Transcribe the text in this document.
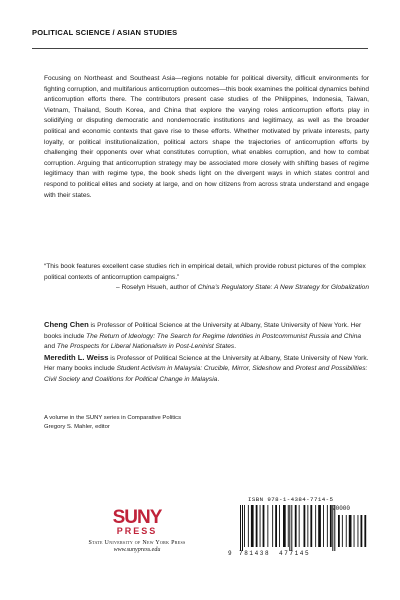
POLITICAL SCIENCE / ASIAN STUDIES

Focusing on Northeast and Southeast Asia—regions notable for political diversity, difficult environments for fighting corruption, and multifarious anticorruption outcomes—this book examines the political dynamics behind anticorruption efforts there. The contributors present case studies of the Philippines, Indonesia, Taiwan, Vietnam, Thailand, South Korea, and China that explore the varying roles anticorruption efforts play in solidifying or disputing democratic and nondemocratic institutions and legitimacy, as well as the broader political and economic contexts that gave rise to these efforts. Whether motivated by private interests, party loyalty, or political institutionalization, political actors shape the trajectories of anticorruption efforts by challenging their opponents over what constitutes corruption, what enables corruption, and how to combat corruption. Arguing that anticorruption strategy may be associated more closely with shifting bases of regime legitimacy than with regime type, the book sheds light on the divergent ways in which states control and respond to political elites and society at large, and on how citizens from across strata understand and engage with their states.

“This book features excellent case studies rich in empirical detail, which provide robust pictures of the complex political contexts of anticorruption campaigns.”
– Roselyn Hsueh, author of China’s Regulatory State: A New Strategy for Globalization

Cheng Chen is Professor of Political Science at the University at Albany, State University of New York. Her books include The Return of Ideology: The Search for Regime Identities in Postcommunist Russia and China and The Prospects for Liberal Nationalism in Post-Leninist States.
Meredith L. Weiss is Professor of Political Science at the University at Albany, State University of New York. Her many books include Student Activism in Malaysia: Crucible, Mirror, Sideshow and Protest and Possibilities: Civil Society and Coalitions for Political Change in Malaysia.

A volume in the SUNY series in Comparative Politics
Gregory S. Mahler, editor

SUNY
PRESS
State University of New York Press
www.sunypress.edu
ISBN 978-1-4384-7714-5
9 781438 477145
90000
